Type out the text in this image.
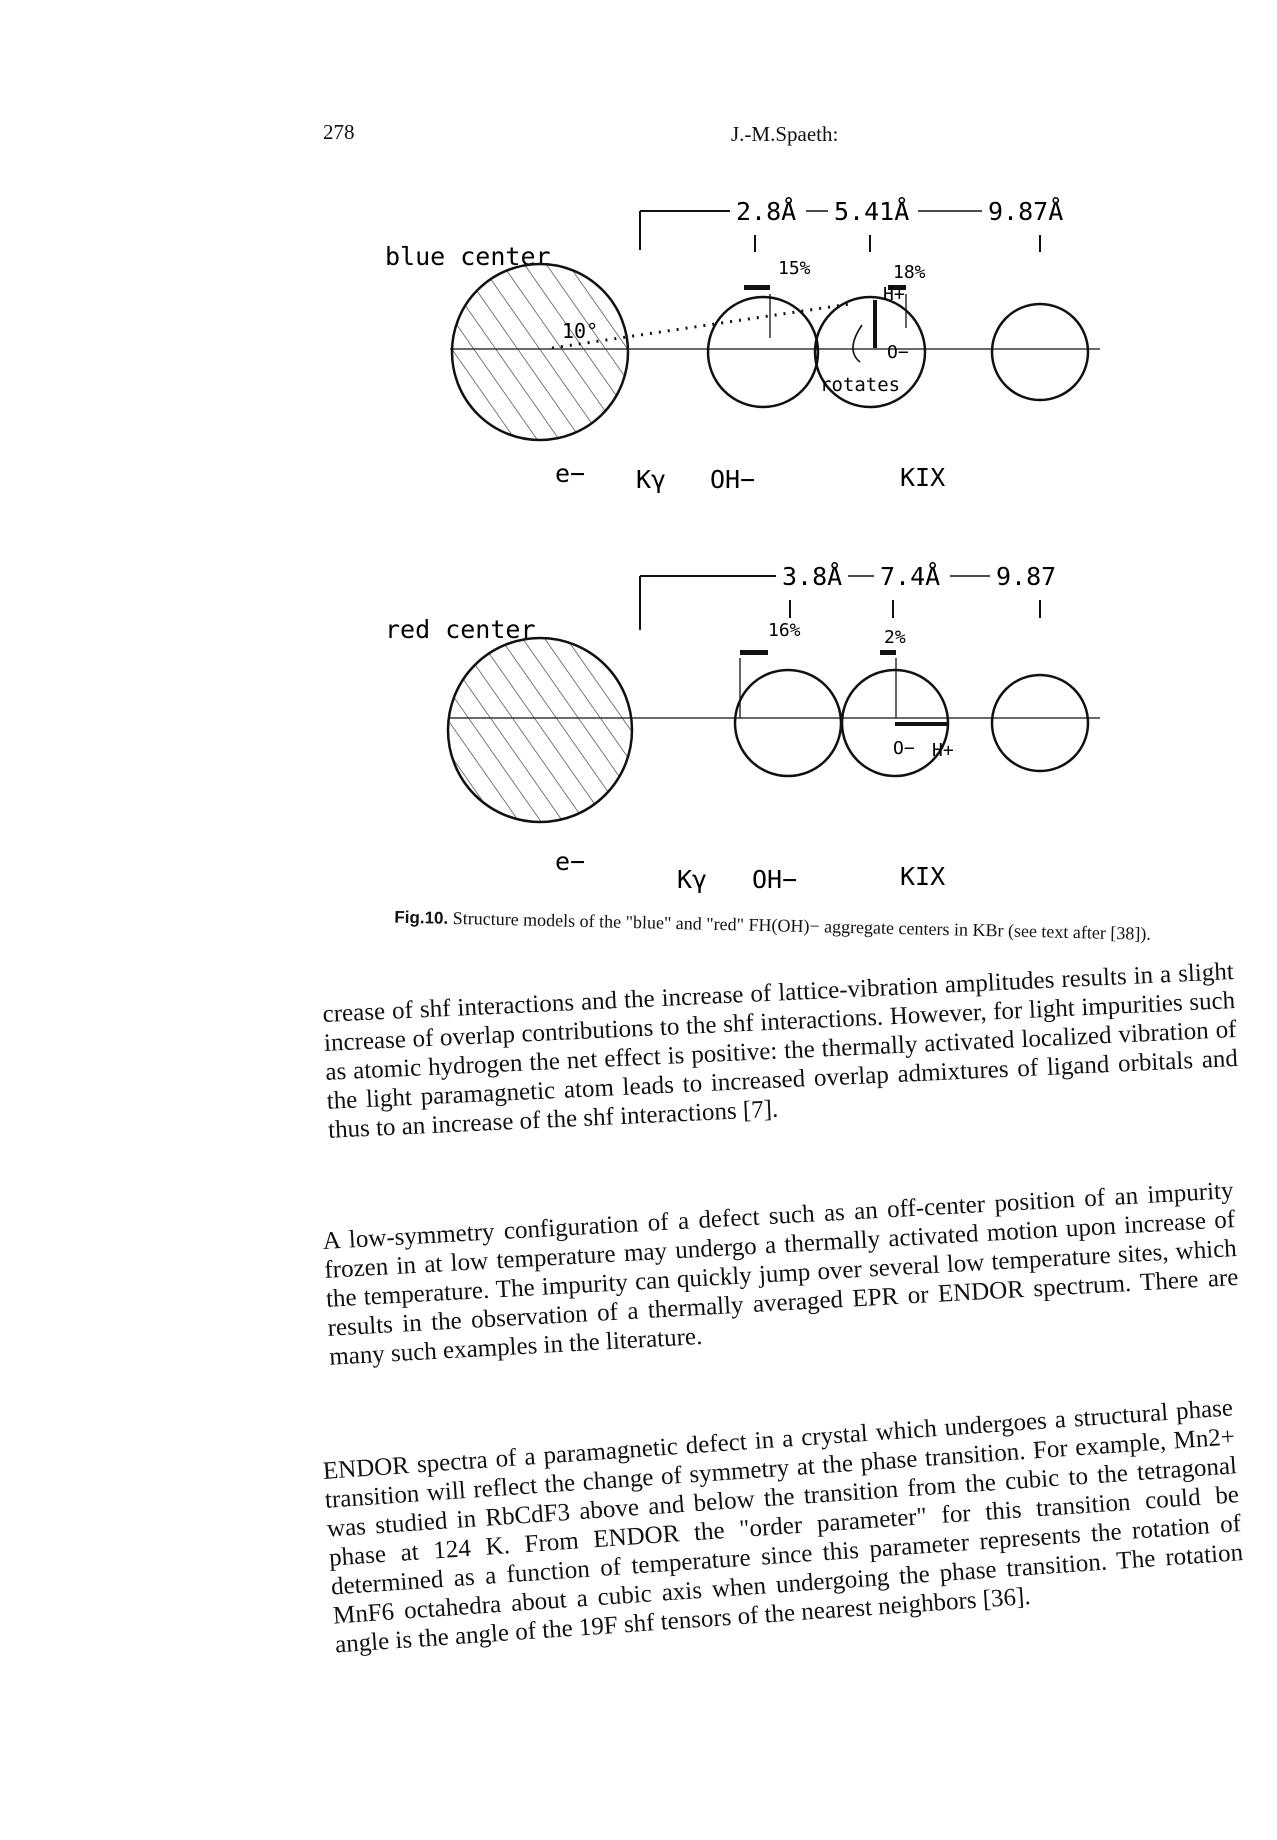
278	J.-M.Spaeth:
blue center
2.8Å 5.41Å	9.87Å
15%	18%
10°
H+
O−
rotates
e− Kγ OH−	KIX
red center
3.8Å 7.4Å 9.87
16%	2%
O− H+
e−
Kγ OH−	KIX
Fig.10. Structure models of the "blue" and "red" FH(OH)− aggregate centers in KBr (see text after [38]).
crease of shf interactions and the increase of lattice-vibration amplitudes results in a slight increase of overlap contributions to the shf interactions. However, for light impurities such as atomic hydrogen the net effect is positive: the thermally activated localized vibration of the light paramagnetic atom leads to increased overlap admixtures of ligand orbitals and thus to an increase of the shf interactions [7].
A low-symmetry configuration of a defect such as an off-center position of an impurity frozen in at low temperature may undergo a thermally activated motion upon increase of the temperature. The impurity can quickly jump over several low temperature sites, which results in the observation of a thermally averaged EPR or ENDOR spectrum. There are many such examples in the literature.
ENDOR spectra of a paramagnetic defect in a crystal which undergoes a structural phase transition will reflect the change of symmetry at the phase transition. For example, Mn2+ was studied in RbCdF3 above and below the transition from the cubic to the tetragonal phase at 124 K. From ENDOR the "order parameter" for this transition could be determined as a function of temperature since this parameter represents the rotation of MnF6 octahedra about a cubic axis when undergoing the phase transition. The rotation angle is the angle of the 19F shf tensors of the nearest neighbors [36].
